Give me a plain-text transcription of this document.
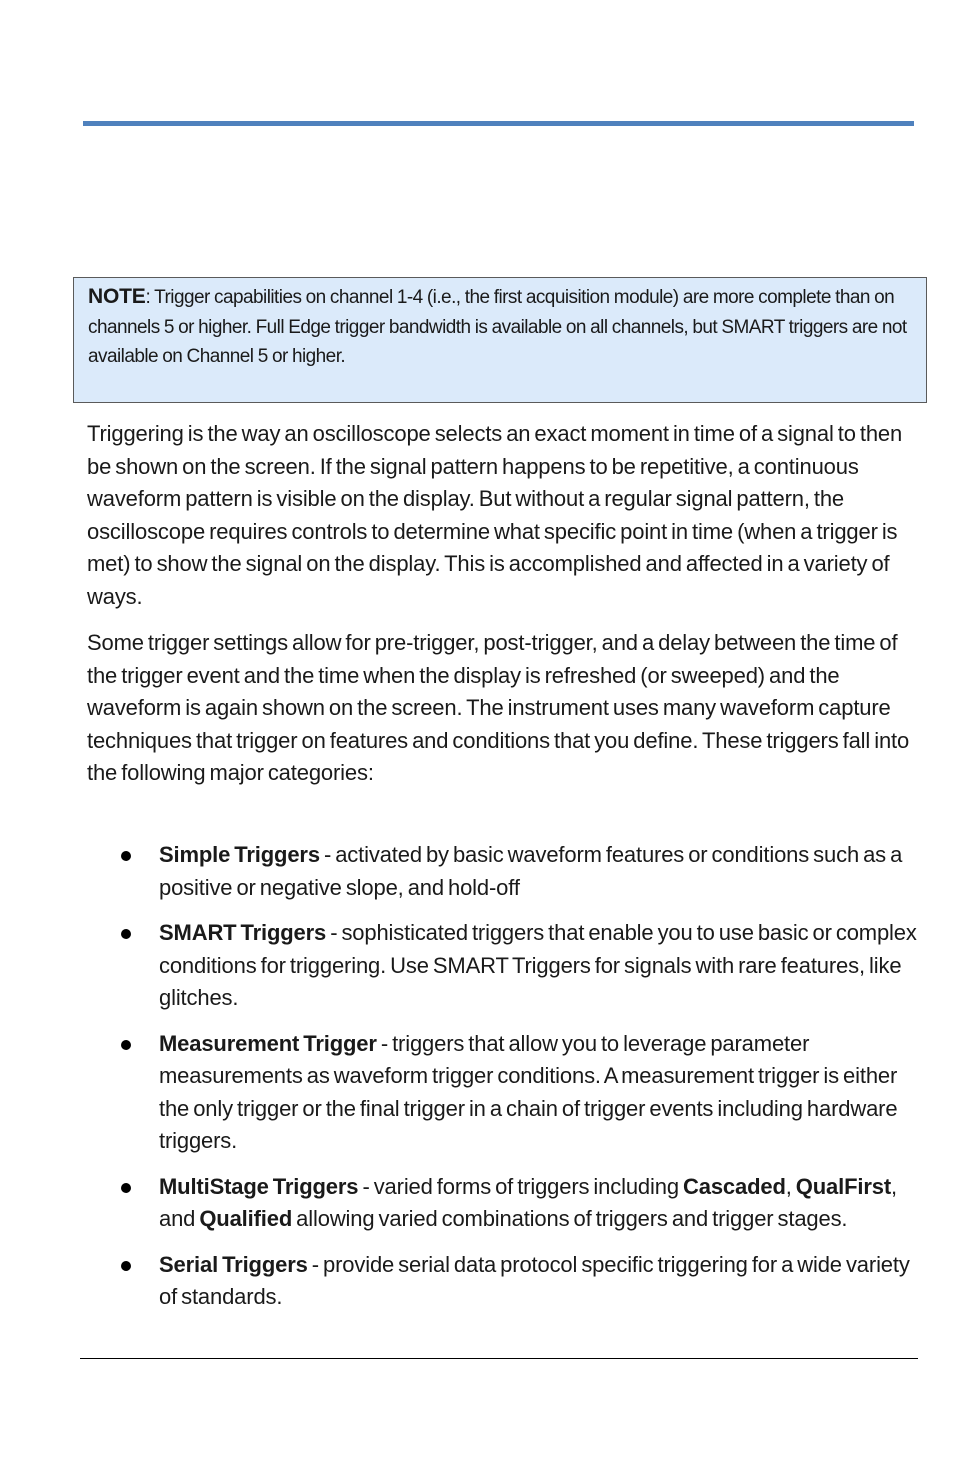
NOTE: Trigger capabilities on channel 1-4 (i.e., the first acquisition module) are more complete than on channels 5 or higher. Full Edge trigger bandwidth is available on all channels, but SMART triggers are not available on Channel 5 or higher.

Triggering is the way an oscilloscope selects an exact moment in time of a signal to then be shown on the screen. If the signal pattern happens to be repetitive, a continuous waveform pattern is visible on the display. But without a regular signal pattern, the oscilloscope requires controls to determine what specific point in time (when a trigger is met) to show the signal on the display. This is accomplished and affected in a variety of ways.

Some trigger settings allow for pre-trigger, post-trigger, and a delay between the time of the trigger event and the time when the display is refreshed (or sweeped) and the waveform is again shown on the screen. The instrument uses many waveform capture techniques that trigger on features and conditions that you define. These triggers fall into the following major categories:

Simple Triggers - activated by basic waveform features or conditions such as a positive or negative slope, and hold-off
SMART Triggers - sophisticated triggers that enable you to use basic or complex conditions for triggering. Use SMART Triggers for signals with rare features, like glitches.
Measurement Trigger - triggers that allow you to leverage parameter measurements as waveform trigger conditions. A measurement trigger is either the only trigger or the final trigger in a chain of trigger events including hardware triggers.
MultiStage Triggers - varied forms of triggers including Cascaded, QualFirst, and Qualified allowing varied combinations of triggers and trigger stages.
Serial Triggers - provide serial data protocol specific triggering for a wide variety of standards.
